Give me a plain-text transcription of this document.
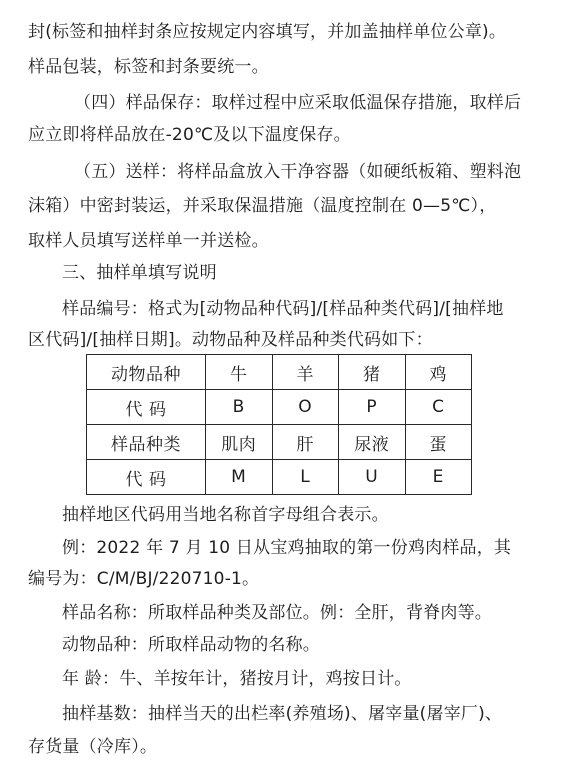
封(标签和抽样封条应按规定内容填写，并加盖抽样单位公章)。
样品包装，标签和封条要统一。
（四）样品保存：取样过程中应采取低温保存措施，取样后
应立即将样品放在-20℃及以下温度保存。
（五）送样：将样品盒放入干净容器（如硬纸板箱、塑料泡
沫箱）中密封装运，并采取保温措施（温度控制在 0—5℃），
取样人员填写送样单一并送检。
三、抽样单填写说明
样品编号：格式为[动物品种代码]/[样品种类代码]/[抽样地
区代码]/[抽样日期]。动物品种及样品种类代码如下：
动物品种	牛	羊	猪	鸡
代 码	B	O	P	C
样品种类	肌肉	肝	尿液	蛋
代 码	M	L	U	E
抽样地区代码用当地名称首字母组合表示。
例：2022 年 7 月 10 日从宝鸡抽取的第一份鸡肉样品，其
编号为：C/M/BJ/220710-1。
样品名称：所取样品种类及部位。例：全肝，背脊肉等。
动物品种：所取样品动物的名称。
年 龄：牛、羊按年计，猪按月计，鸡按日计。
抽样基数：抽样当天的出栏率(养殖场)、屠宰量(屠宰厂)、
存货量（冷库）。
